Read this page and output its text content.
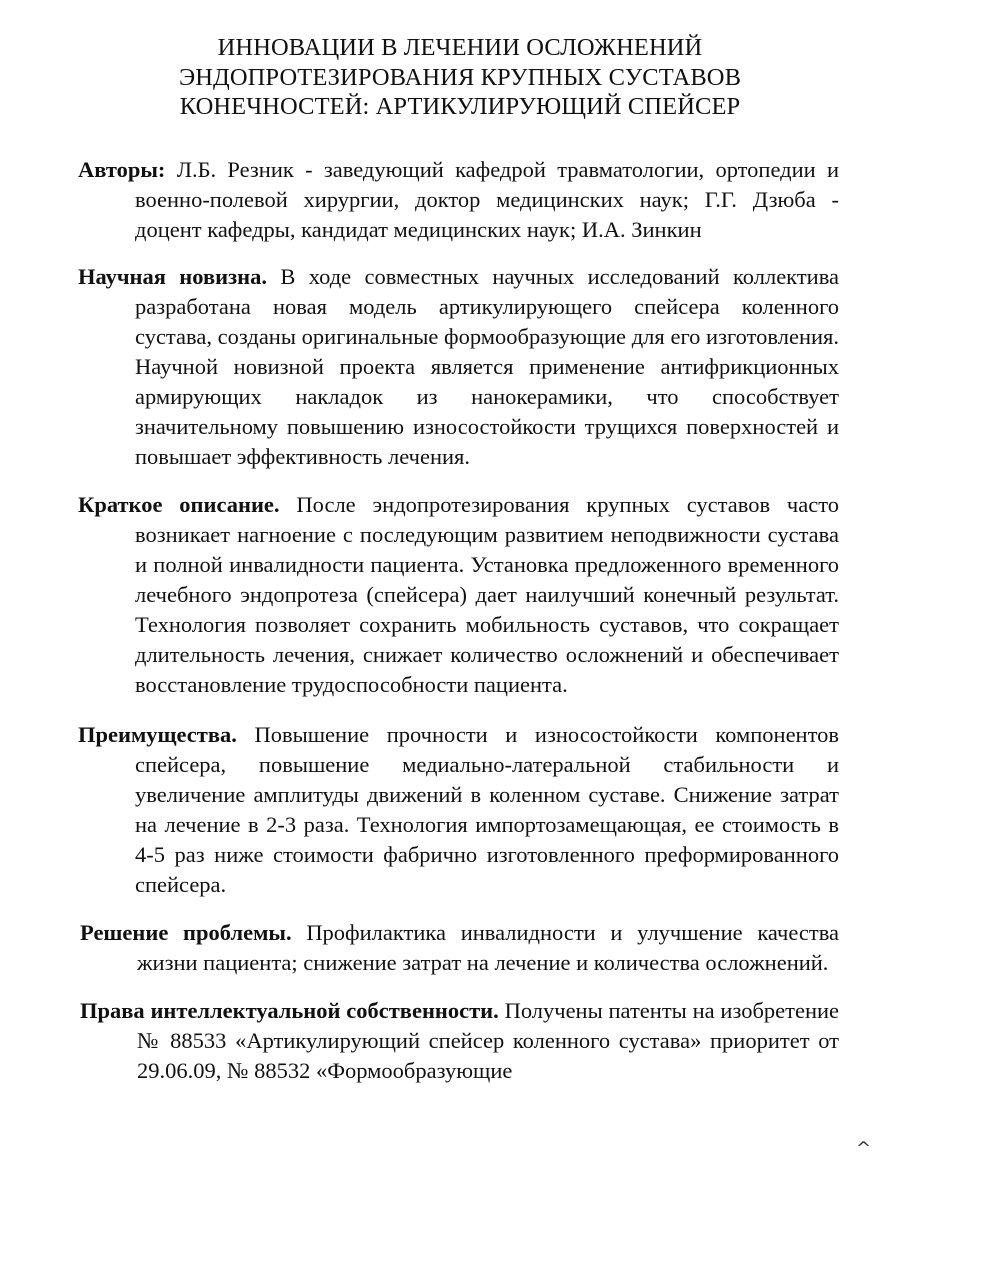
ИННОВАЦИИ В ЛЕЧЕНИИ ОСЛОЖНЕНИЙ
ЭНДОПРОТЕЗИРОВАНИЯ КРУПНЫХ СУСТАВОВ
КОНЕЧНОСТЕЙ: АРТИКУЛИРУЮЩИЙ СПЕЙСЕР

Авторы: Л.Б. Резник - заведующий кафедрой травматологии, ортопедии и военно-полевой хирургии, доктор медицинских наук; Г.Г. Дзюба - доцент кафедры, кандидат медицинских наук; И.А. Зинкин

Научная новизна. В ходе совместных научных исследований коллектива разработана новая модель артикулирующего спейсера коленного сустава, созданы оригинальные формообразующие для его изготовления. Научной новизной проекта является применение антифрикционных армирующих накладок из нанокерамики, что способствует значительному повышению износостойкости трущихся поверхностей и повышает эффективность лечения.

Краткое описание. После эндопротезирования крупных суставов часто возникает нагноение с последующим развитием неподвижности сустава и полной инвалидности пациента. Установка предложенного временного лечебного эндопротеза (спейсера) дает наилучший конечный результат. Технология позволяет сохранить мобильность суставов, что сокращает длительность лечения, снижает количество осложнений и обеспечивает восстановление трудоспособности пациента.

Преимущества. Повышение прочности и износостойкости компонентов спейсера, повышение медиально-латеральной стабильности и увеличение амплитуды движений в коленном суставе. Снижение затрат на лечение в 2-3 раза. Технология импортозамещающая, ее стоимость в 4-5 раз ниже стоимости фабрично изготовленного преформированного спейсера.

Решение проблемы. Профилактика инвалидности и улучшение качества жизни пациента; снижение затрат на лечение и количества осложнений.

Права интеллектуальной собственности. Получены патенты на изобретение № 88533 «Артикулирующий спейсер коленного сустава» приоритет от 29.06.09, № 88532 «Формообразующие

^
